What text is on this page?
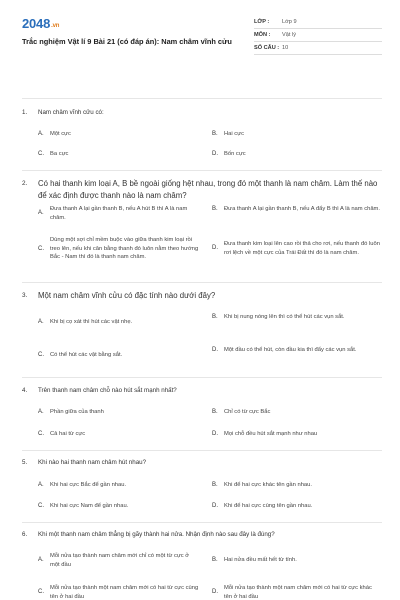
2048.vn
Trắc nghiệm Vật lí 9 Bài 21 (có đáp án): Nam châm vĩnh cửu
LỚP :	Lớp 9
MÔN :	Vật lý
SỐ CÂU : 10
1.	Nam châm vĩnh cửu có:
A.	Một cực	B.	Hai cực
C.	Ba cực	D.	Bốn cực
2.	Có hai thanh kim loại A, B bề ngoài giống hệt nhau, trong đó một thanh là nam châm. Làm thế nào để xác định được thanh nào là nam châm?
A.
Đưa thanh A lại gần thanh B, nếu A hút B thì A là nam châm.
B.	Đưa thanh A lại gần thanh B, nếu A đẩy B thì A là nam châm.
C.
Dùng một sợi chỉ mềm buộc vào giữa thanh kim loại rồi treo lên, nếu khi cân bằng thanh đó luôn nằm theo hướng Bắc - Nam thì đó là thanh nam châm.
D.
Đưa thanh kim loại lên cao rồi thả cho rơi, nếu thanh đó luôn rơi lệch về một cực của Trái Đất thì đó là nam châm.
3.	Một nam châm vĩnh cửu có đặc tính nào dưới đây?
A.	Khi bị cọ xát thì hút các vật nhẹ.
B.	Khi bị nung nóng lên thì có thể hút các vụn sắt.
C.	Có thể hút các vật bằng sắt.
D.	Một đầu có thể hút, còn đầu kia thì đẩy các vụn sắt.
4.	Trên thanh nam châm chỗ nào hút sắt mạnh nhất?
A.	Phần giữa của thanh	B.	Chỉ có từ cực Bắc
C.	Cả hai từ cực	D.	Mọi chỗ đều hút sắt mạnh như nhau
5.	Khi nào hai thanh nam châm hút nhau?
A.	Khi hai cực Bắc để gần nhau.	B.	Khi để hai cực khác tên gần nhau.
C.	Khi hai cực Nam để gần nhau.	D.	Khi để hai cực cùng tên gần nhau.
6.	Khi một thanh nam châm thẳng bị gãy thành hai nửa. Nhận định nào sau đây là đúng?
A.
Mỗi nửa tạo thành nam châm mới chỉ có một từ cực ở một đầu
B.	Hai nửa đều mất hết từ tính.
C.
Mỗi nửa tạo thành một nam châm mới có hai từ cực cùng tên ở hai đầu
D.
Mỗi nửa tạo thành một nam châm mới có hai từ cực khác tên ở hai đầu
